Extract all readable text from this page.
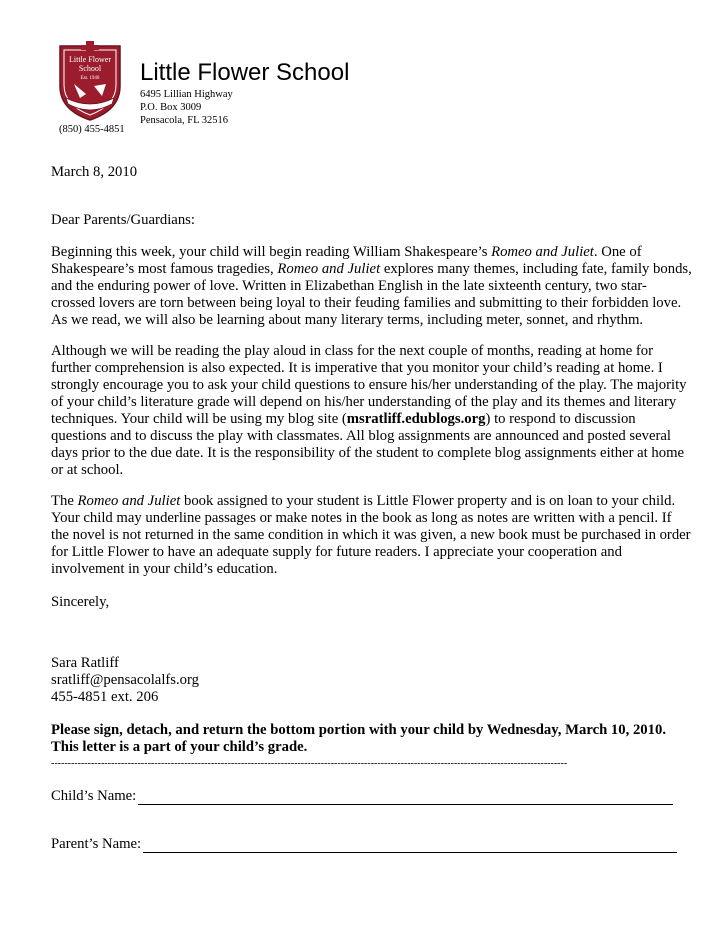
Little Flower
School
Est. 1940 Little Flower School
6495 Lillian Highway
P.O. Box 3009
Pensacola, FL 32516
(850) 455-4851
March 8, 2010
Dear Parents/Guardians:
Beginning this week, your child will begin reading William Shakespeare’s Romeo and Juliet. One of
Shakespeare’s most famous tragedies, Romeo and Juliet explores many themes, including fate, family bonds,
and the enduring power of love. Written in Elizabethan English in the late sixteenth century, two star-
crossed lovers are torn between being loyal to their feuding families and submitting to their forbidden love.
As we read, we will also be learning about many literary terms, including meter, sonnet, and rhythm.
Although we will be reading the play aloud in class for the next couple of months, reading at home for
further comprehension is also expected. It is imperative that you monitor your child’s reading at home. I
strongly encourage you to ask your child questions to ensure his/her understanding of the play. The majority
of your child’s literature grade will depend on his/her understanding of the play and its themes and literary
techniques. Your child will be using my blog site (msratliff.edublogs.org) to respond to discussion
questions and to discuss the play with classmates. All blog assignments are announced and posted several
days prior to the due date. It is the responsibility of the student to complete blog assignments either at home
or at school.
The Romeo and Juliet book assigned to your student is Little Flower property and is on loan to your child.
Your child may underline passages or make notes in the book as long as notes are written with a pencil. If
the novel is not returned in the same condition in which it was given, a new book must be purchased in order
for Little Flower to have an adequate supply for future readers. I appreciate your cooperation and
involvement in your child’s education.
Sincerely,
Sara Ratliff
sratliff@pensacolalfs.org
455-4851 ext. 206
Please sign, detach, and return the bottom portion with your child by Wednesday, March 10, 2010.
This letter is a part of your child’s grade.
-----------------------------------------------------------------------------------------------------------------------------------------------------------
Child’s Name:
Parent’s Name:
